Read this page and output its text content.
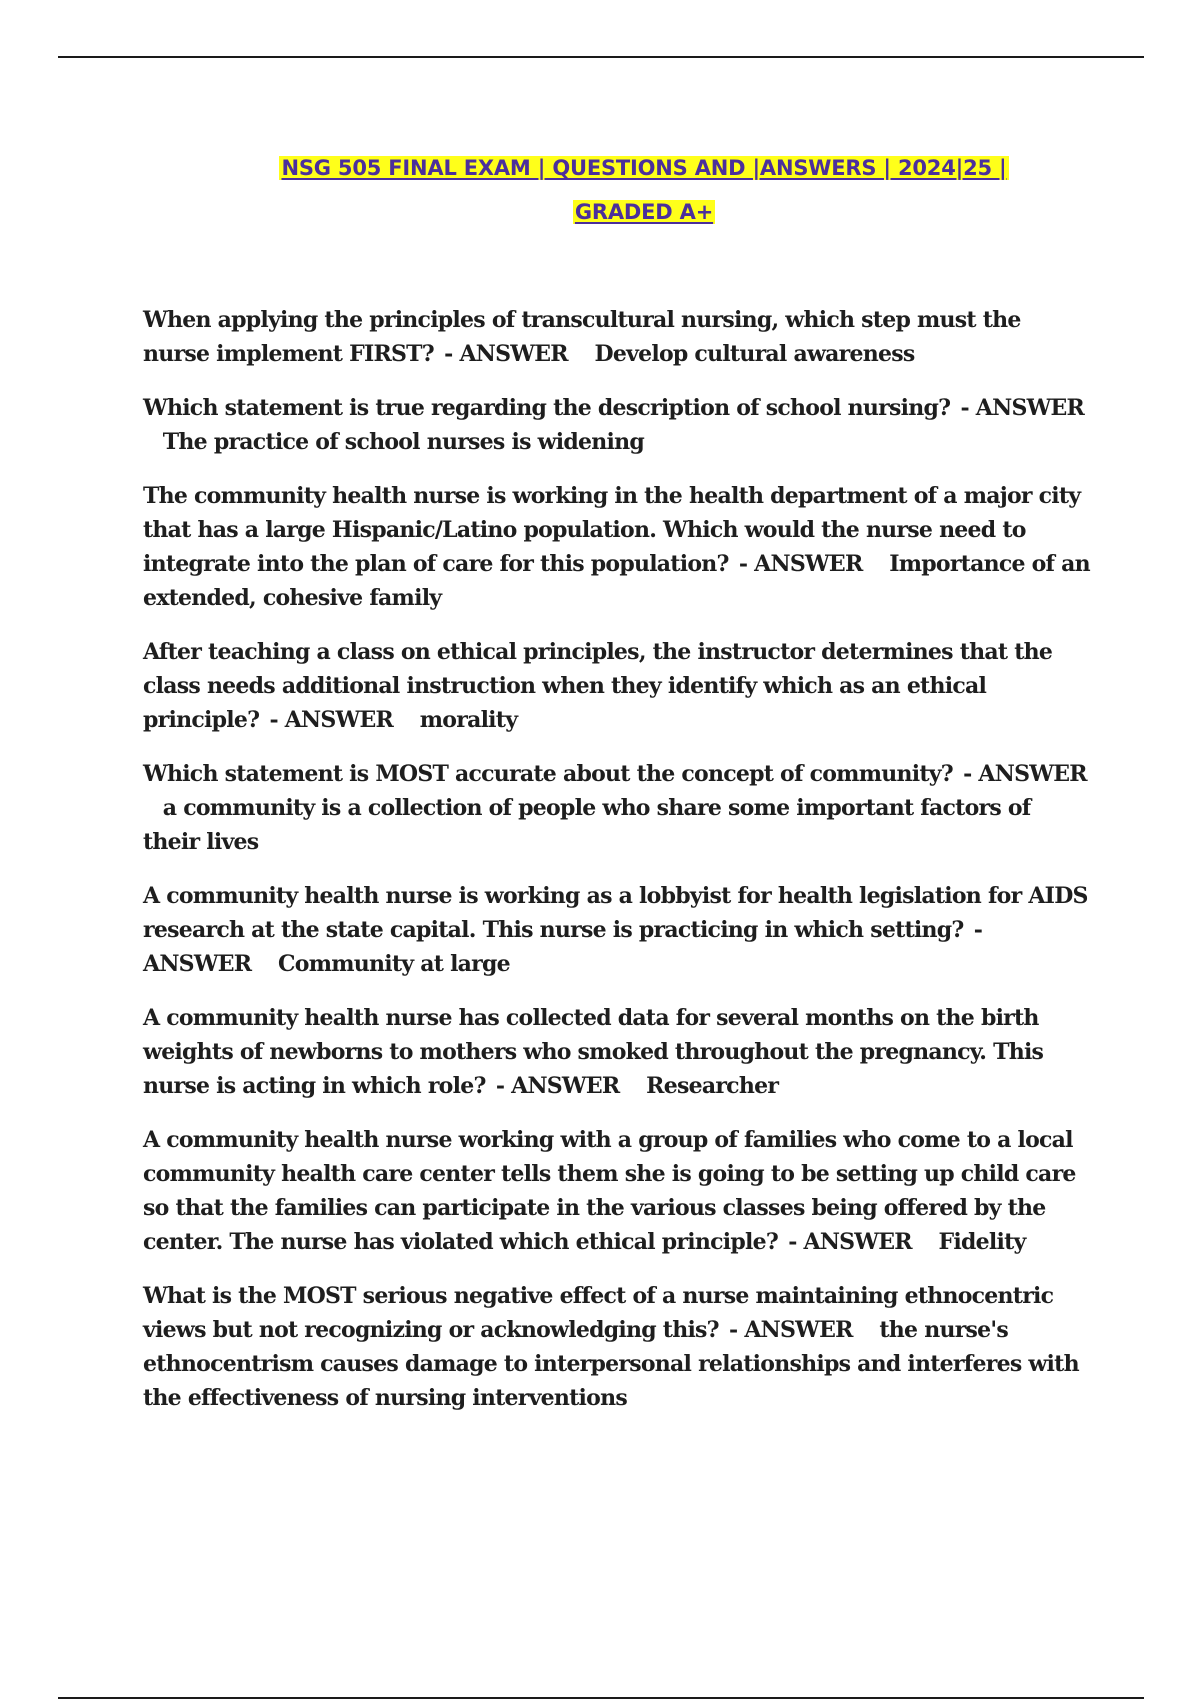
NSG 505 FINAL EXAM | QUESTIONS AND |ANSWERS | 2024|25 |
GRADED A+

When applying the principles of transcultural nursing, which step must the nurse implement FIRST? - ANSWER Develop cultural awareness

Which statement is true regarding the description of school nursing? - ANSWER The practice of school nurses is widening

The community health nurse is working in the health department of a major city that has a large Hispanic/Latino population. Which would the nurse need to integrate into the plan of care for this population? - ANSWER Importance of an extended, cohesive family

After teaching a class on ethical principles, the instructor determines that the class needs additional instruction when they identify which as an ethical principle? - ANSWER morality

Which statement is MOST accurate about the concept of community? - ANSWER a community is a collection of people who share some important factors of their lives

A community health nurse is working as a lobbyist for health legislation for AIDS research at the state capital. This nurse is practicing in which setting? - ANSWER Community at large

A community health nurse has collected data for several months on the birth weights of newborns to mothers who smoked throughout the pregnancy. This nurse is acting in which role? - ANSWER Researcher

A community health nurse working with a group of families who come to a local community health care center tells them she is going to be setting up child care so that the families can participate in the various classes being offered by the center. The nurse has violated which ethical principle? - ANSWER Fidelity

What is the MOST serious negative effect of a nurse maintaining ethnocentric views but not recognizing or acknowledging this? - ANSWER the nurse's ethnocentrism causes damage to interpersonal relationships and interferes with the effectiveness of nursing interventions
